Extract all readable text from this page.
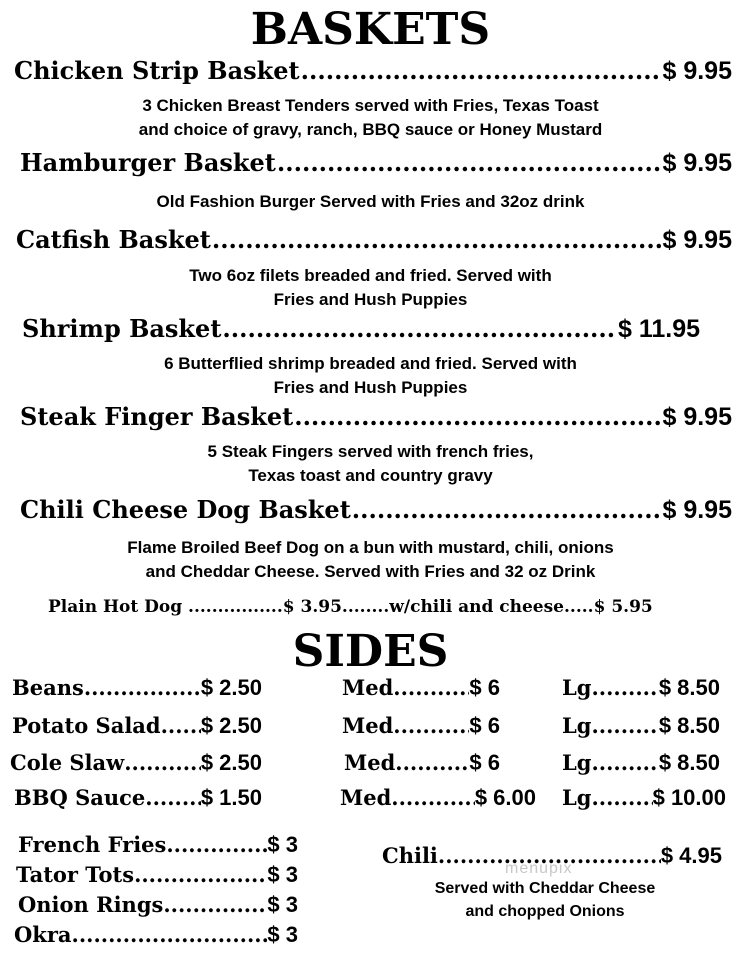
BASKETS
Chicken Strip Basket .....	$ 9.95
3 Chicken Breast Tenders served with Fries, Texas Toast
and choice of gravy, ranch, BBQ sauce or Honey Mustard
Hamburger Basket .....	$ 9.95
Old Fashion Burger Served with Fries and 32oz drink
Catfish Basket .....	$ 9.95
Two 6oz filets breaded and fried. Served with
Fries and Hush Puppies
Shrimp Basket .....	$ 11.95
6 Butterflied shrimp breaded and fried. Served with
Fries and Hush Puppies
Steak Finger Basket .....	$ 9.95
5 Steak Fingers served with french fries,
Texas toast and country gravy
Chili Cheese Dog Basket .....	$ 9.95
Flame Broiled Beef Dog on a bun with mustard, chili, onions
and Cheddar Cheese. Served with Fries and 32 oz Drink
Plain Hot Dog ................$ 3.95........w/chili and cheese.....$ 5.95
SIDES
Beans .....	$ 2.50	Med .....	$ 6	Lg .....	$ 8.50
Potato Salad ..... $ 2.50	Med .....	$ 6	Lg .....	$ 8.50
Cole Slaw .....	$ 2.50	Med .....	$ 6	Lg .....	$ 8.50
BBQ Sauce .....	$ 1.50	Med .....	$ 6.00 Lg .....	$ 10.00
French Fries .....	$ 3
Tator Tots .....	$ 3
Onion Rings .....	$ 3
Okra .....	$ 3
Chili .....	$ 4.95
Served with Cheddar Cheese
and chopped Onions
menupix
